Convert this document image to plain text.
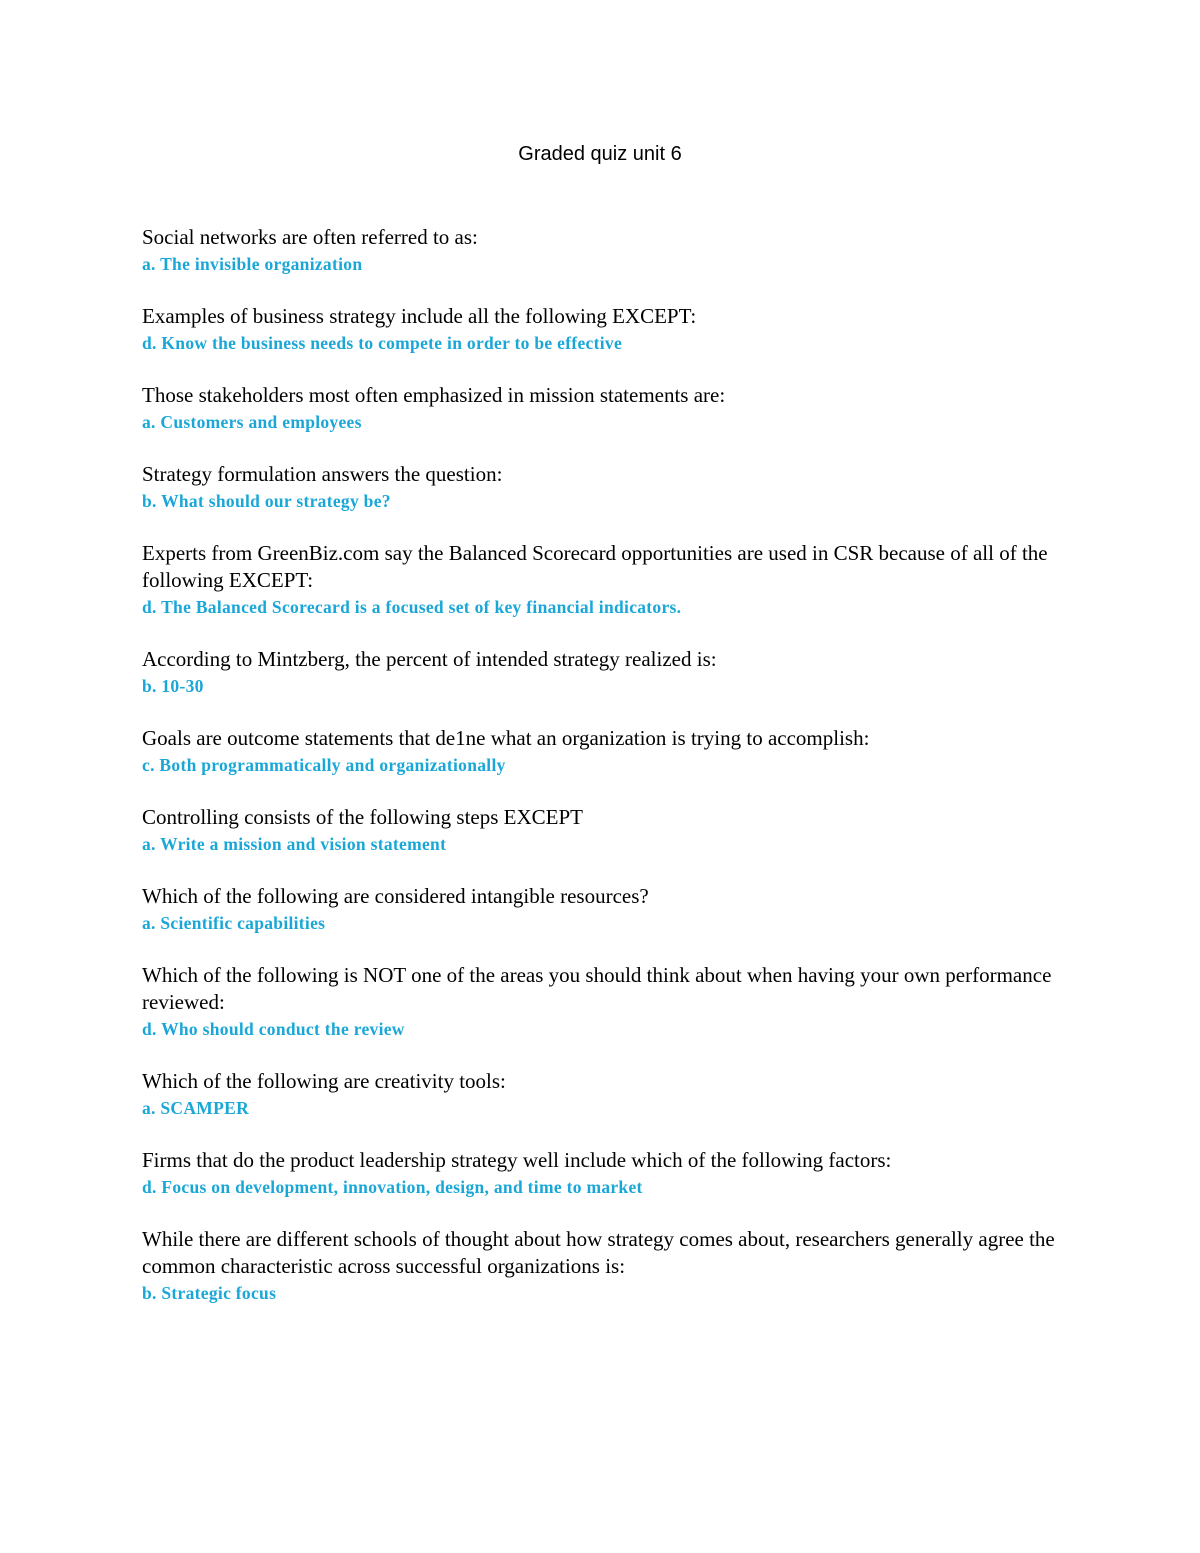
Graded quiz unit 6

Social networks are often referred to as:

a. The invisible organization

Examples of business strategy include all the following EXCEPT:

d. Know the business needs to compete in order to be effective

Those stakeholders most often emphasized in mission statements are:

a. Customers and employees

Strategy formulation answers the question:

b. What should our strategy be?

Experts from GreenBiz.com say the Balanced Scorecard opportunities are used in CSR because of all of the following EXCEPT:

d. The Balanced Scorecard is a focused set of key financial indicators.

According to Mintzberg, the percent of intended strategy realized is:

b. 10-30

Goals are outcome statements that de1ne what an organization is trying to accomplish:

c. Both programmatically and organizationally

Controlling consists of the following steps EXCEPT

a. Write a mission and vision statement

Which of the following are considered intangible resources?

a. Scientific capabilities

Which of the following is NOT one of the areas you should think about when having your own performance reviewed:

d. Who should conduct the review

Which of the following are creativity tools:

a. SCAMPER

Firms that do the product leadership strategy well include which of the following factors:

d. Focus on development, innovation, design, and time to market

While there are different schools of thought about how strategy comes about, researchers generally agree the common characteristic across successful organizations is:

b. Strategic focus
